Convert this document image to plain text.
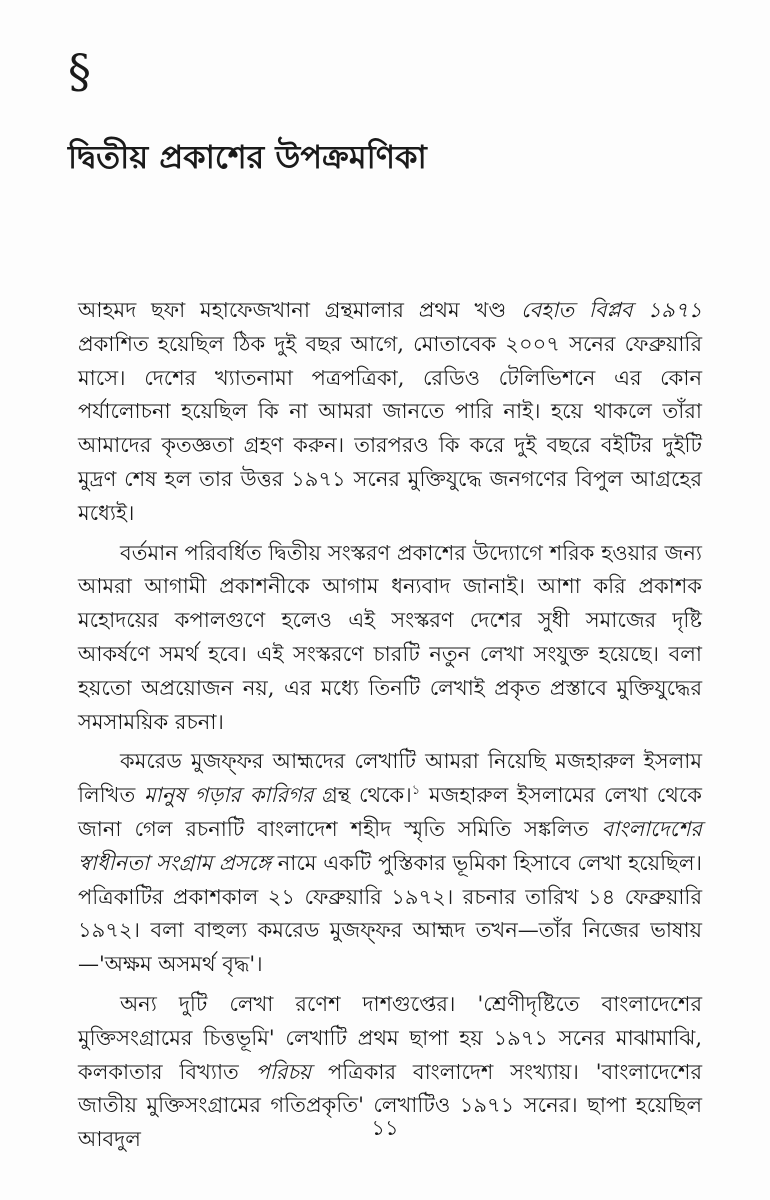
§
দ্বিতীয় প্রকাশের উপক্রমণিকা

আহমদ ছফা মহাফেজখানা গ্রন্থমালার প্রথম খণ্ড বেহাত বিপ্লব ১৯৭১ প্রকাশিত হয়েছিল ঠিক দুই বছর আগে, মোতাবেক ২০০৭ সনের ফেব্রুয়ারি মাসে। দেশের খ্যাতনামা পত্রপত্রিকা, রেডিও টেলিভিশনে এর কোন পর্যালোচনা হয়েছিল কি না আমরা জানতে পারি নাই। হয়ে থাকলে তাঁরা আমাদের কৃতজ্ঞতা গ্রহণ করুন। তারপরও কি করে দুই বছরে বইটির দুইটি মুদ্রণ শেষ হল তার উত্তর ১৯৭১ সনের মুক্তিযুদ্ধে জনগণের বিপুল আগ্রহের মধ্যেই।

বর্তমান পরিবর্ধিত দ্বিতীয় সংস্করণ প্রকাশের উদ্যোগে শরিক হওয়ার জন্য আমরা আগামী প্রকাশনীকে আগাম ধন্যবাদ জানাই। আশা করি প্রকাশক মহোদয়ের কপালগুণে হলেও এই সংস্করণ দেশের সুধী সমাজের দৃষ্টি আকর্ষণে সমর্থ হবে। এই সংস্করণে চারটি নতুন লেখা সংযুক্ত হয়েছে। বলা হয়তো অপ্রয়োজন নয়, এর মধ্যে তিনটি লেখাই প্রকৃত প্রস্তাবে মুক্তিযুদ্ধের সমসাময়িক রচনা।

কমরেড মুজফ্ফর আহ্মদের লেখাটি আমরা নিয়েছি মজহারুল ইসলাম লিখিত মানুষ গড়ার কারিগর গ্রন্থ থেকে।$^১$ মজহারুল ইসলামের লেখা থেকে জানা গেল রচনাটি বাংলাদেশ শহীদ স্মৃতি সমিতি সঙ্কলিত বাংলাদেশের স্বাধীনতা সংগ্রাম প্রসঙ্গে নামে একটি পুস্তিকার ভূমিকা হিসাবে লেখা হয়েছিল। পত্রিকাটির প্রকাশকাল ২১ ফেব্রুয়ারি ১৯৭২। রচনার তারিখ ১৪ ফেব্রুয়ারি ১৯৭২। বলা বাহুল্য কমরেড মুজফ্ফর আহ্মদ তখন—তাঁর নিজের ভাষায়—'অক্ষম অসমর্থ বৃদ্ধ'।

অন্য দুটি লেখা রণেশ দাশগুপ্তের। 'শ্রেণীদৃষ্টিতে বাংলাদেশের মুক্তিসংগ্রামের চিত্তভূমি' লেখাটি প্রথম ছাপা হয় ১৯৭১ সনের মাঝামাঝি, কলকাতার বিখ্যাত পরিচয় পত্রিকার বাংলাদেশ সংখ্যায়। 'বাংলাদেশের জাতীয় মুক্তিসংগ্রামের গতিপ্রকৃতি' লেখাটিও ১৯৭১ সনের। ছাপা হয়েছিল আবদুল	১১
